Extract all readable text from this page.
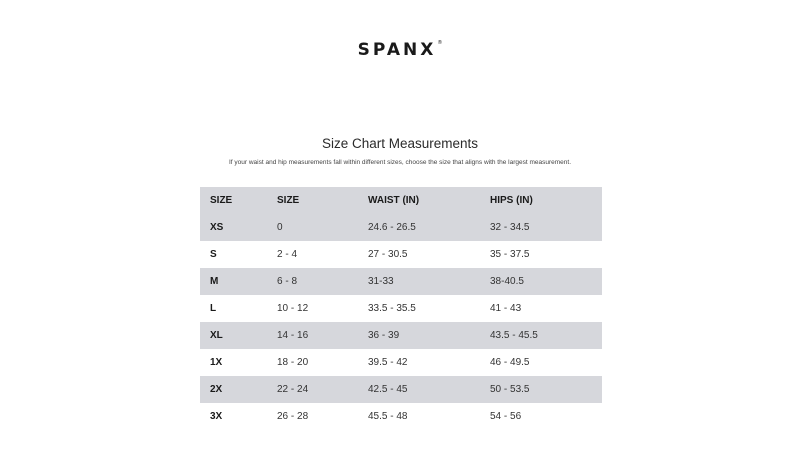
SPANX®
Size Chart Measurements
If your waist and hip measurements fall within different sizes, choose the size that aligns with the largest measurement.
SIZE	SIZE	WAIST (IN)	HIPS (IN)
XS	0	24.6 - 26.5	32 - 34.5
S	2 - 4	27 - 30.5	35 - 37.5
M	6 - 8	31-33	38-40.5
L	10 - 12	33.5 - 35.5	41 - 43
XL	14 - 16	36 - 39	43.5 - 45.5
1X	18 - 20	39.5 - 42	46 - 49.5
2X	22 - 24	42.5 - 45	50 - 53.5
3X	26 - 28	45.5 - 48	54 - 56
